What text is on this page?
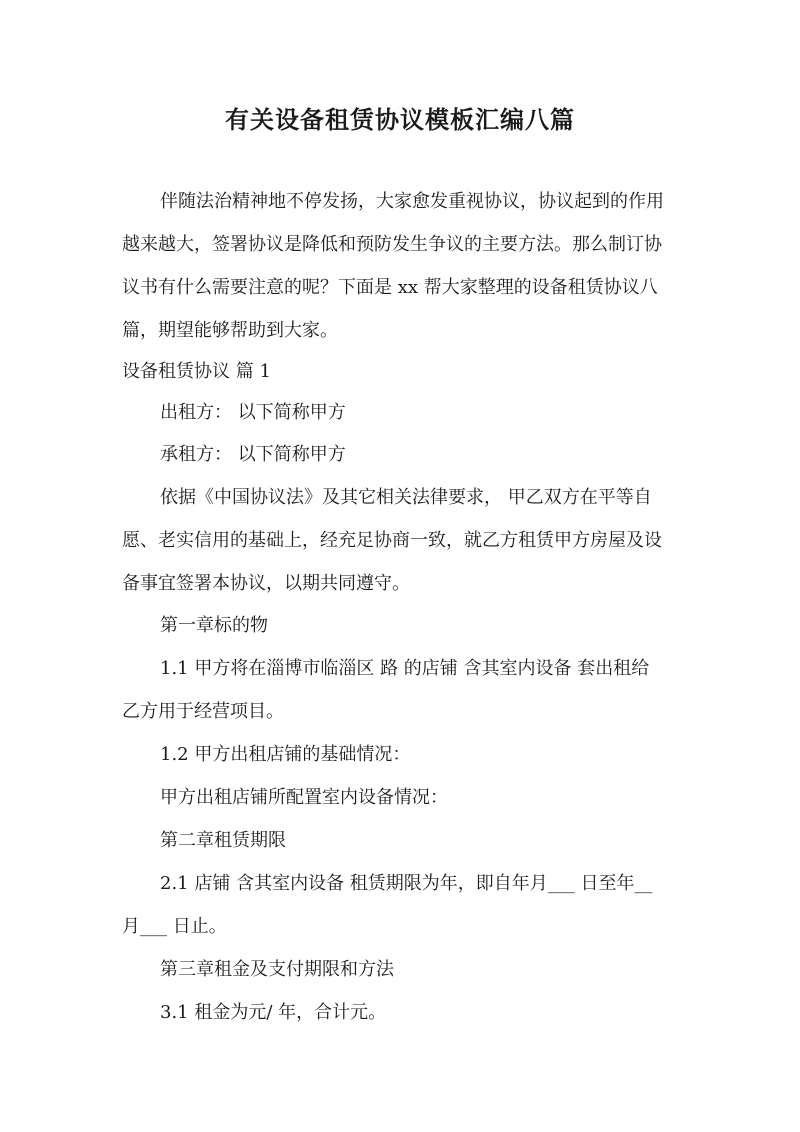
有关设备租赁协议模板汇编八篇
伴随法治精神地不停发扬，大家愈发重视协议，协议起到的作用
越来越大，签署协议是降低和预防发生争议的主要方法。那么制订协
议书有什么需要注意的呢？下面是 xx 帮大家整理的设备租赁协议八
篇，期望能够帮助到大家。
设备租赁协议 篇 1
出租方： 以下简称甲方
承租方： 以下简称甲方
依据《中国协议法》及其它相关法律要求， 甲乙双方在平等自
愿、老实信用的基础上，经充足协商一致，就乙方租赁甲方房屋及设
备事宜签署本协议，以期共同遵守。
第一章标的物
1.1 甲方将在淄博市临淄区 路 的店铺 含其室内设备 套出租给
乙方用于经营项目。
1.2 甲方出租店铺的基础情况：
甲方出租店铺所配置室内设备情况：
第二章租赁期限
2.1 店铺 含其室内设备 租赁期限为年，即自年月___ 日至年__
月___ 日止。
第三章租金及支付期限和方法
3.1 租金为元/ 年，合计元。
